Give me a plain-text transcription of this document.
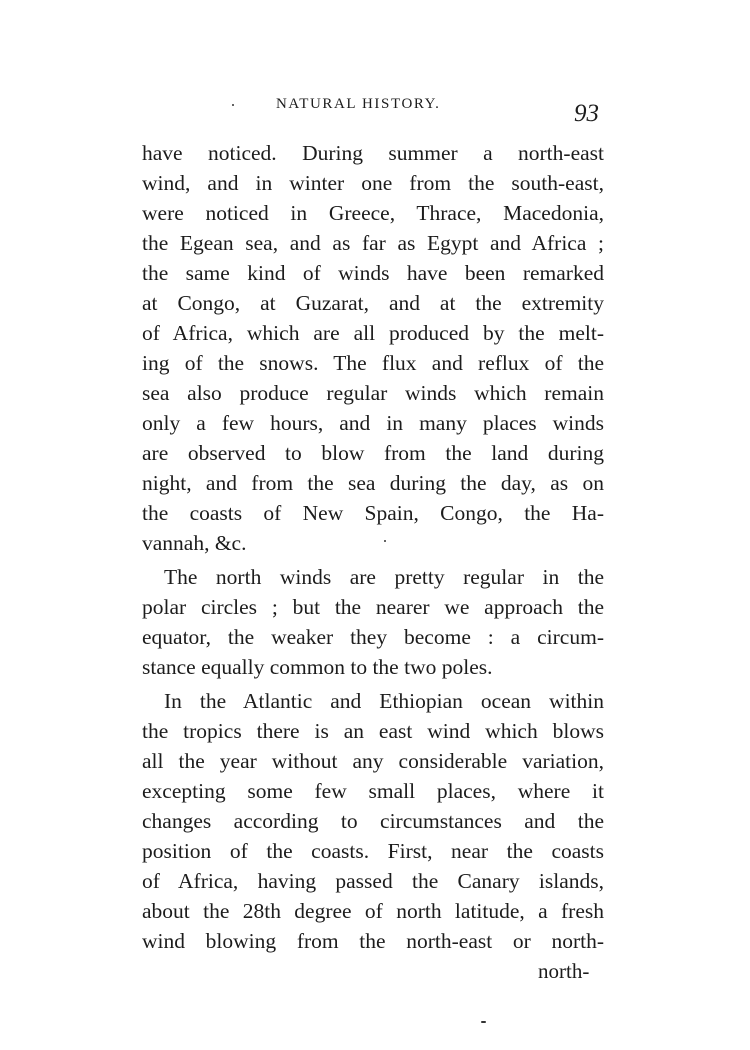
NATURAL HISTORY.	93
have noticed. During summer a north-east
wind, and in winter one from the south-east,
were noticed in Greece, Thrace, Macedonia,
the Egean sea, and as far as Egypt and Africa ;
the same kind of winds have been remarked
at Congo, at Guzarat, and at the extremity
of Africa, which are all produced by the melt-
ing of the snows. The flux and reflux of the
sea also produce regular winds which remain
only a few hours, and in many places winds
are observed to blow from the land during
night, and from the sea during the day, as on
the coasts of New Spain, Congo, the Ha-
vannah, &c.
The north winds are pretty regular in the
polar circles ; but the nearer we approach the
equator, the weaker they become : a circum-
stance equally common to the two poles.
In the Atlantic and Ethiopian ocean within
the tropics there is an east wind which blows
all the year without any considerable variation,
excepting some few small places, where it
changes according to circumstances and the
position of the coasts. First, near the coasts
of Africa, having passed the Canary islands,
about the 28th degree of north latitude, a fresh
wind blowing from the north-east or north-
north-
